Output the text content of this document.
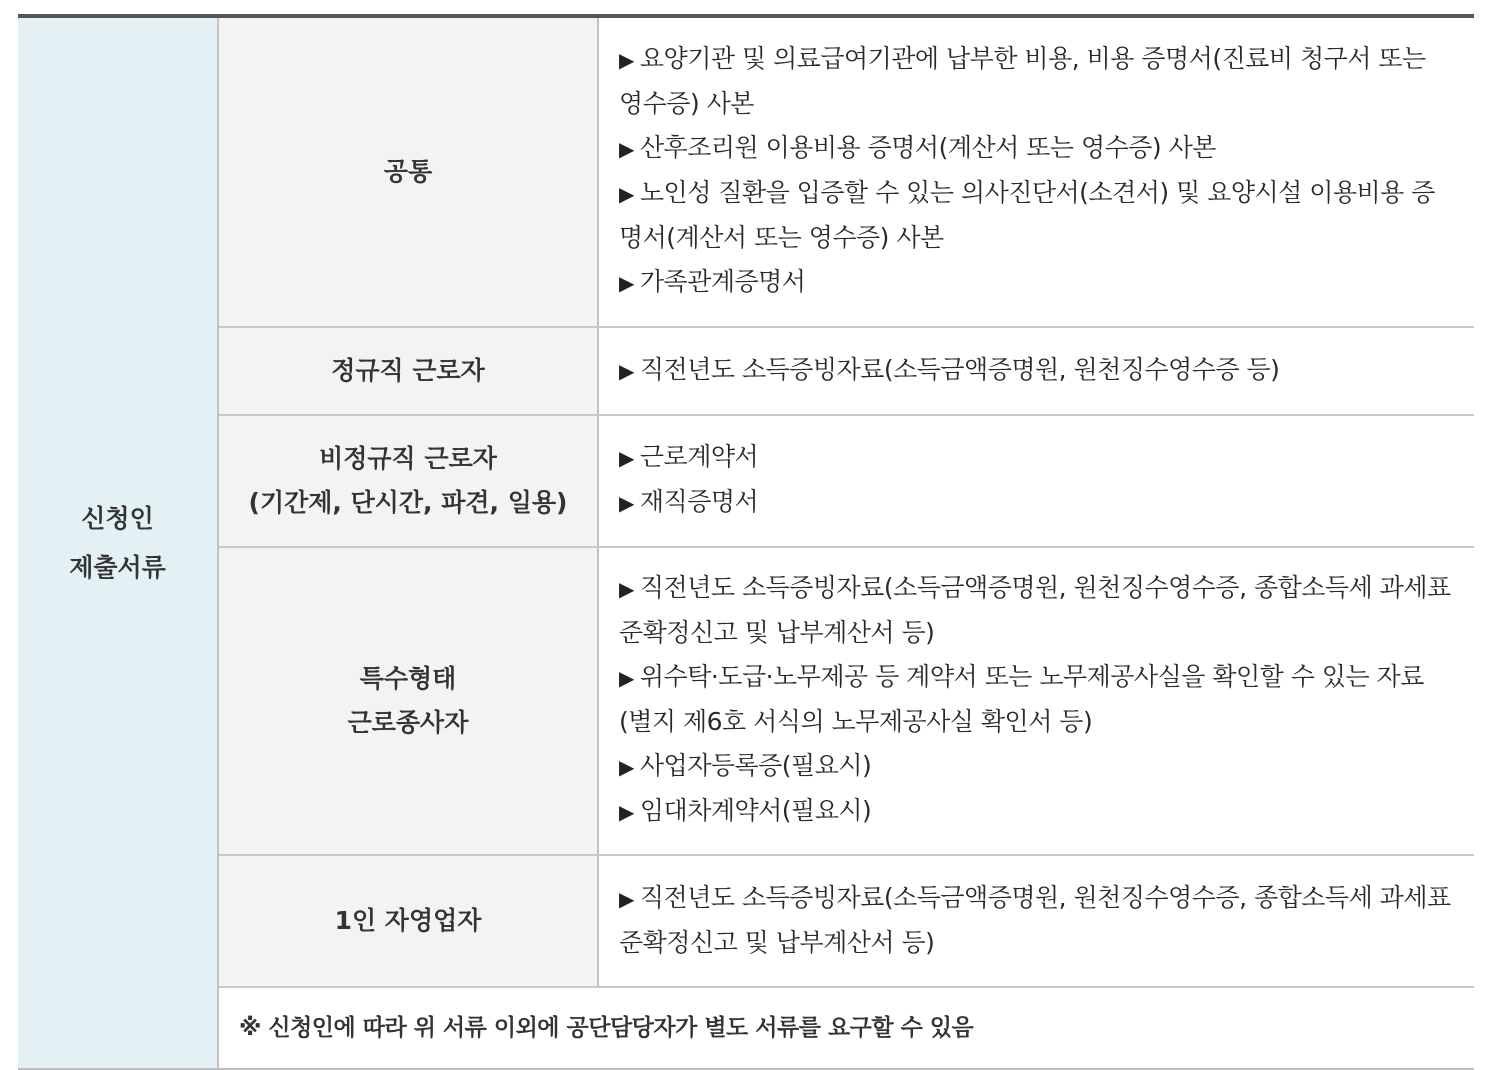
신청인
제출서류	공통	▶ 요양기관 및 의료급여기관에 납부한 비용, 비용 증명서(진료비 청구서 또는 영수증) 사본
▶ 산후조리원 이용비용 증명서(계산서 또는 영수증) 사본
▶ 노인성 질환을 입증할 수 있는 의사진단서(소견서) 및 요양시설 이용비용 증명서(계산서 또는 영수증) 사본
▶ 가족관계증명서

	정규직 근로자	▶ 직전년도 소득증빙자료(소득금액증명원, 원천징수영수증 등)

	비정규직 근로자
(기간제, 단시간, 파견, 일용)	▶ 근로계약서
▶ 재직증명서

	특수형태
근로종사자	▶ 직전년도 소득증빙자료(소득금액증명원, 원천징수영수증, 종합소득세 과세표준확정신고 및 납부계산서 등)
▶ 위수탁·도급·노무제공 등 계약서 또는 노무제공사실을 확인할 수 있는 자료(별지 제6호 서식의 노무제공사실 확인서 등)
▶ 사업자등록증(필요시)
▶ 임대차계약서(필요시)

	1인 자영업자	▶ 직전년도 소득증빙자료(소득금액증명원, 원천징수영수증, 종합소득세 과세표준확정신고 및 납부계산서 등)

	※ 신청인에 따라 위 서류 이외에 공단담당자가 별도 서류를 요구할 수 있음	
